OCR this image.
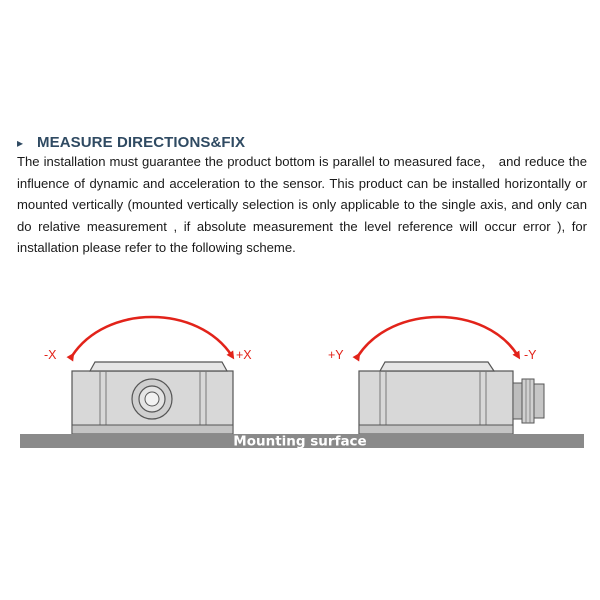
▸ MEASURE DIRECTIONS&FIX

The installation must guarantee the product bottom is parallel to measured face， and reduce the influence of dynamic and acceleration to the sensor. This product can be installed horizontally or mounted vertically (mounted vertically selection is only applicable to the single axis, and only can do relative measurement , if absolute measurement the level reference will occur error ), for installation please refer to the following scheme.

Mounting surface
-X	+X	+Y	-Y
